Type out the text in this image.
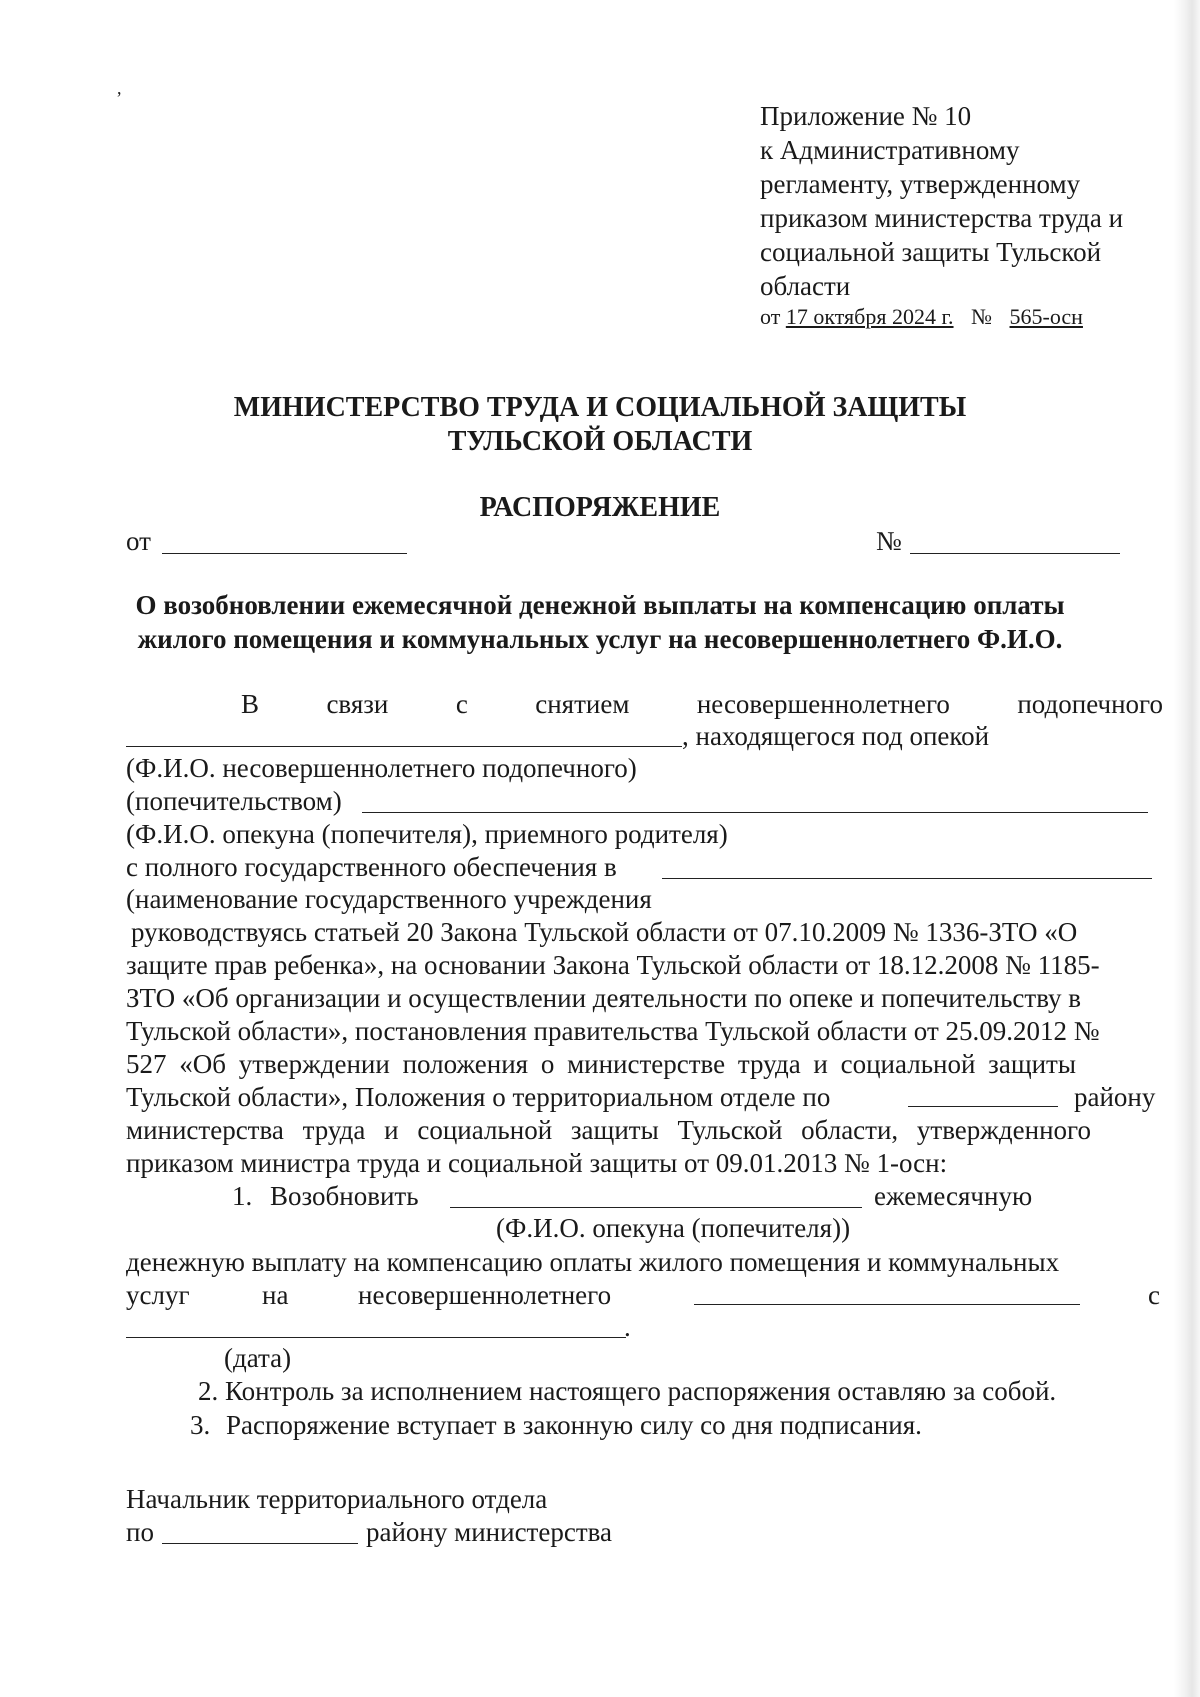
,
Приложение № 10
к Административному
регламенту, утвержденному
приказом министерства труда и
социальной защиты Тульской
области
от 17 октября 2024 г. № 565-осн
МИНИСТЕРСТВО ТРУДА И СОЦИАЛЬНОЙ ЗАЩИТЫ
ТУЛЬСКОЙ ОБЛАСТИ
РАСПОРЯЖЕНИЕ
от	№
О возобновлении ежемесячной денежной выплаты на компенсацию оплаты
жилого помещения и коммунальных услуг на несовершеннолетнего Ф.И.О.
В связи с снятием несовершеннолетнего подопечного
, находящегося под опекой
(Ф.И.О. несовершеннолетнего подопечного)
(попечительством)
(Ф.И.О. опекуна (попечителя), приемного родителя)
с полного государственного обеспечения в
(наименование государственного учреждения
руководствуясь статьей 20 Закона Тульской области от 07.10.2009 № 1336-ЗТО «О
защите прав ребенка», на основании Закона Тульской области от 18.12.2008 № 1185-
ЗТО «Об организации и осуществлении деятельности по опеке и попечительству в
Тульской области», постановления правительства Тульской области от 25.09.2012 №
527 «Об утверждении положения о министерстве труда и социальной защиты
Тульской области», Положения о территориальном отделе по	району
министерства труда и социальной защиты Тульской области, утвержденного
приказом министра труда и социальной защиты от 09.01.2013 № 1-осн:
1. Возобновить	ежемесячную
(Ф.И.О. опекуна (попечителя))
денежную выплату на компенсацию оплаты жилого помещения и коммунальных
услуг	на	несовершеннолетнего	с
.
(дата)
2. Контроль за исполнением настоящего распоряжения оставляю за собой.
3. Распоряжение вступает в законную силу со дня подписания.
Начальник территориального отдела
по	району министерства
